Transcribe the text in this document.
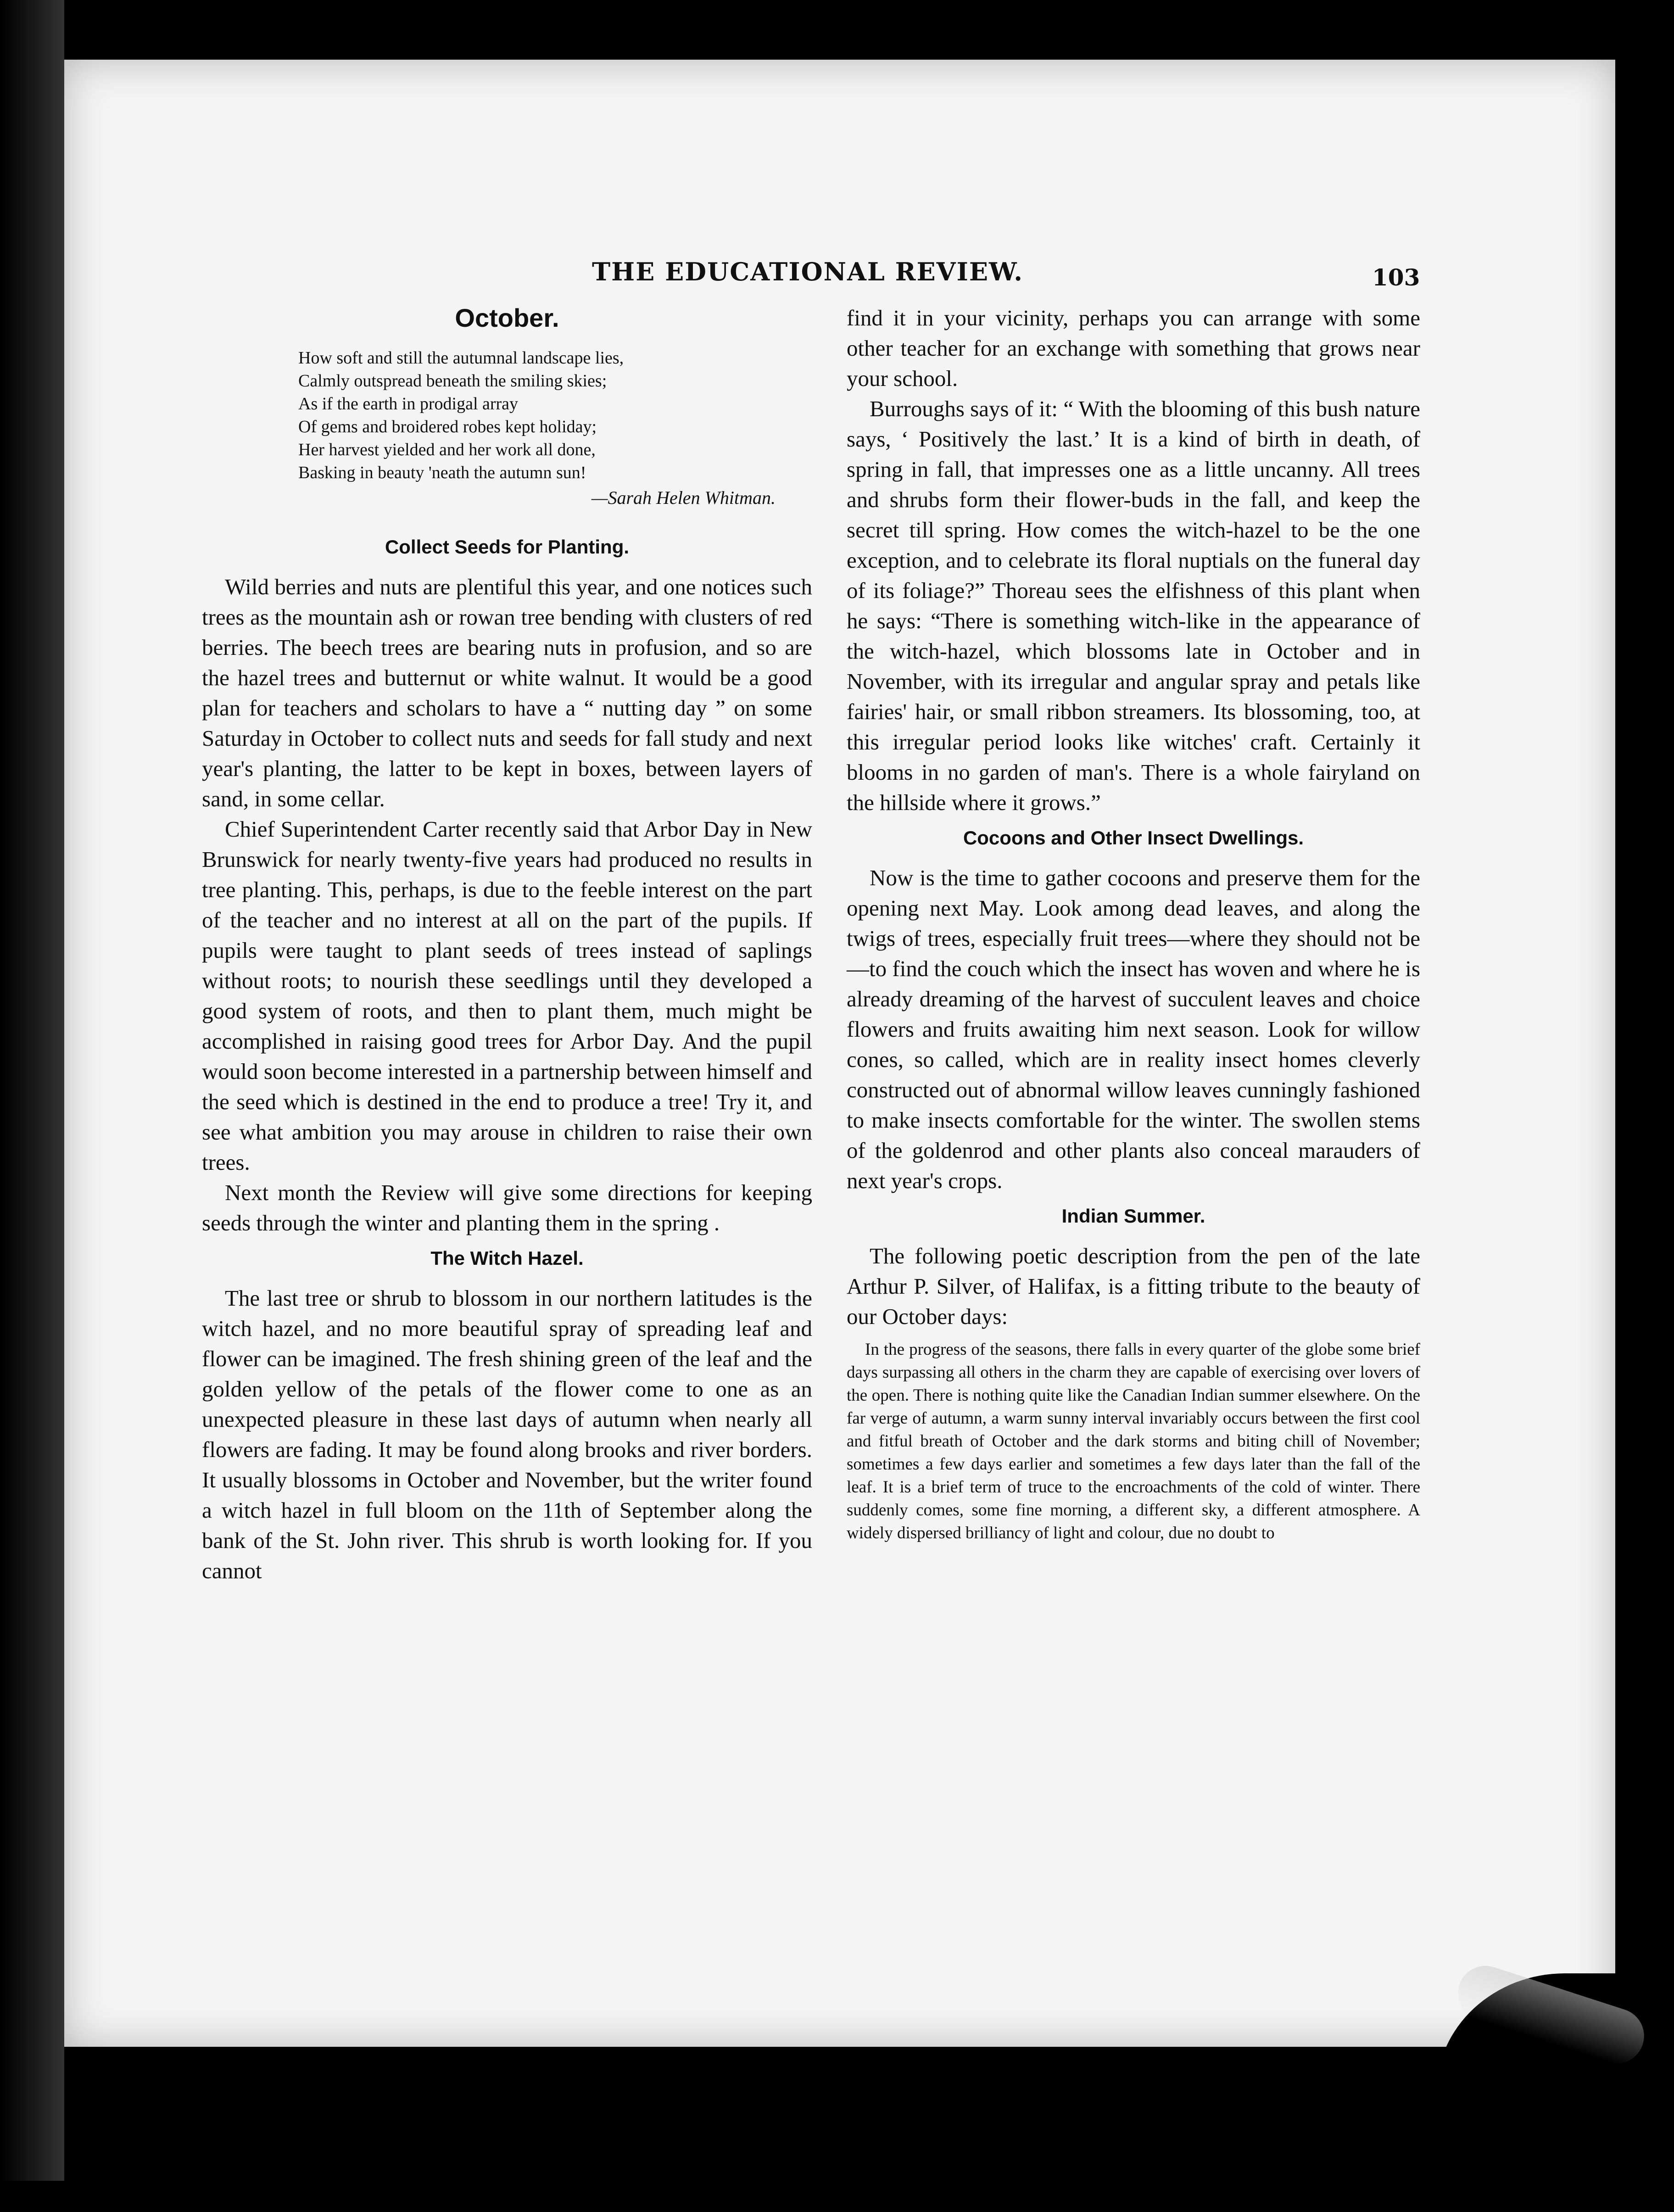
THE EDUCATIONAL REVIEW.	103
October.
How soft and still the autumnal landscape lies,
Calmly outspread beneath the smiling skies;
As if the earth in prodigal array
Of gems and broidered robes kept holiday;
Her harvest yielded and her work all done,
Basking in beauty 'neath the autumn sun!
—Sarah Helen Whitman.
Collect Seeds for Planting.

Wild berries and nuts are plentiful this year, and one notices such trees as the mountain ash or rowan tree bending with clusters of red berries. The beech trees are bearing nuts in profusion, and so are the hazel trees and butternut or white walnut. It would be a good plan for teachers and scholars to have a “ nutting day ” on some Saturday in October to collect nuts and seeds for fall study and next year's planting, the latter to be kept in boxes, between layers of sand, in some cellar.

Chief Superintendent Carter recently said that Arbor Day in New Brunswick for nearly twenty-five years had produced no results in tree planting. This, perhaps, is due to the feeble interest on the part of the teacher and no interest at all on the part of the pupils. If pupils were taught to plant seeds of trees instead of saplings without roots; to nourish these seedlings until they developed a good system of roots, and then to plant them, much might be accomplished in raising good trees for Arbor Day. And the pupil would soon become interested in a partnership between himself and the seed which is destined in the end to produce a tree! Try it, and see what ambition you may arouse in children to raise their own trees.

Next month the Review will give some directions for keeping seeds through the winter and planting them in the spring .

The Witch Hazel.

The last tree or shrub to blossom in our northern latitudes is the witch hazel, and no more beautiful spray of spreading leaf and flower can be imagined. The fresh shining green of the leaf and the golden yellow of the petals of the flower come to one as an unexpected pleasure in these last days of autumn when nearly all flowers are fading. It may be found along brooks and river borders. It usually blossoms in October and November, but the writer found a witch hazel in full bloom on the 11th of September along the bank of the St. John river. This shrub is worth looking for. If you cannot

find it in your vicinity, perhaps you can arrange with some other teacher for an exchange with something that grows near your school.

Burroughs says of it: “ With the blooming of this bush nature says, ‘ Positively the last.’ It is a kind of birth in death, of spring in fall, that impresses one as a little uncanny. All trees and shrubs form their flower-buds in the fall, and keep the secret till spring. How comes the witch-hazel to be the one exception, and to celebrate its floral nuptials on the funeral day of its foliage?” Thoreau sees the elfishness of this plant when he says: “There is something witch-like in the appearance of the witch-hazel, which blossoms late in October and in November, with its irregular and angular spray and petals like fairies' hair, or small ribbon streamers. Its blossoming, too, at this irregular period looks like witches' craft. Certainly it blooms in no garden of man's. There is a whole fairyland on the hillside where it grows.”

Cocoons and Other Insect Dwellings.

Now is the time to gather cocoons and preserve them for the opening next May. Look among dead leaves, and along the twigs of trees, especially fruit trees—where they should not be—to find the couch which the insect has woven and where he is already dreaming of the harvest of succulent leaves and choice flowers and fruits awaiting him next season. Look for willow cones, so called, which are in reality insect homes cleverly constructed out of abnormal willow leaves cunningly fashioned to make insects comfortable for the winter. The swollen stems of the goldenrod and other plants also conceal marauders of next year's crops.

Indian Summer.

The following poetic description from the pen of the late Arthur P. Silver, of Halifax, is a fitting tribute to the beauty of our October days:

In the progress of the seasons, there falls in every quarter of the globe some brief days surpassing all others in the charm they are capable of exercising over lovers of the open. There is nothing quite like the Canadian Indian summer elsewhere. On the far verge of autumn, a warm sunny interval invariably occurs between the first cool and fitful breath of October and the dark storms and biting chill of November; sometimes a few days earlier and sometimes a few days later than the fall of the leaf. It is a brief term of truce to the encroachments of the cold of winter. There suddenly comes, some fine morning, a different sky, a different atmosphere. A widely dispersed brilliancy of light and colour, due no doubt to
